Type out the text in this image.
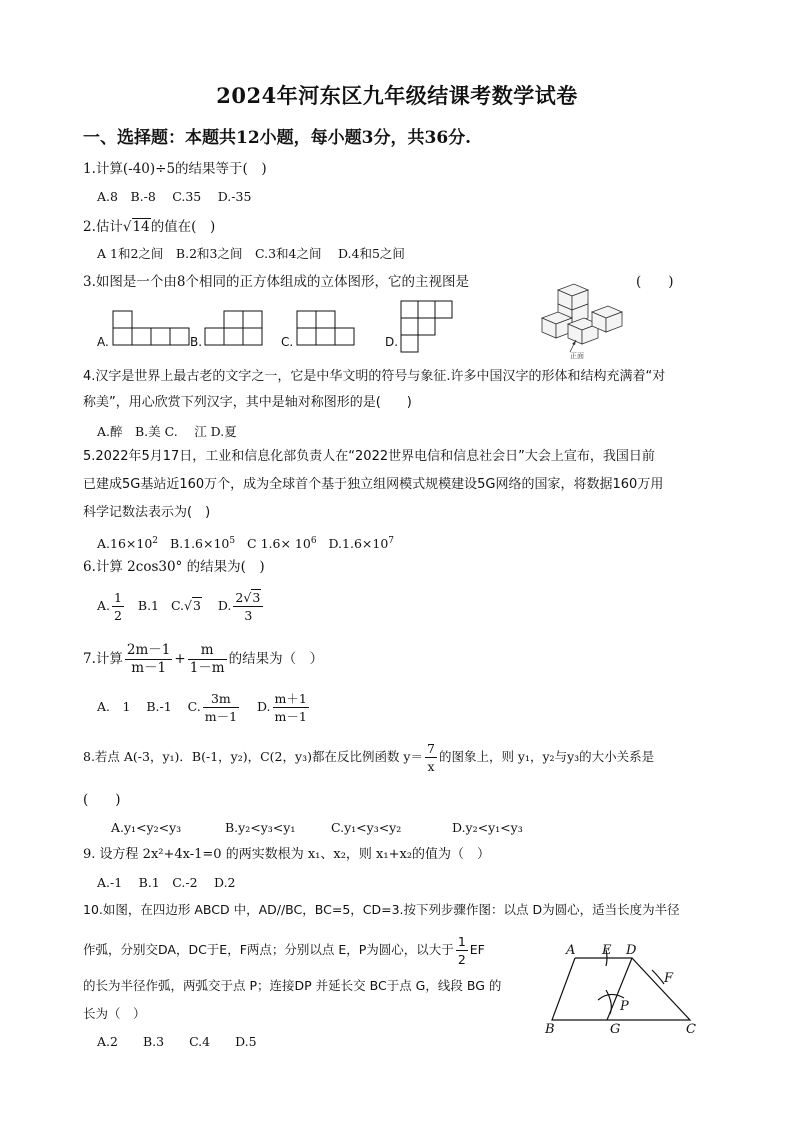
2024年河东区九年级结课考数学试卷
一、选择题：本题共12小题，每小题3分，共36分.
1.计算(-40)÷5的结果等于(　)
A.8　B.-8　 C.35　 D.-35
2.估计√14的值在(　)
A 1和2之间　B.2和3之间　C.3和4之间　 D.4和5之间
3.如图是一个由8个相同的正方体组成的立体图形，它的主视图是	(　　)
A.	B.	C.	D.
正面
4.汉字是世界上最古老的文字之一，它是中华文明的符号与象征.许多中国汉字的形体和结构充满着“对
称美”，用心欣赏下列汉字，其中是轴对称图形的是(　　)
A.醉　B.美 C.　 江 D.夏
5.2022年5月17日，工业和信息化部负责人在“2022世界电信和信息社会日”大会上宣布，我国日前
已建成5G基站近160万个，成为全球首个基于独立组网模式规模建设5G网络的国家，将数据160万用
科学记数法表示为(　)
$A.16\times 10^2$ $B.1.6\times 10^5$ C $1.6\times 10^6$ $D.1.6\times 10^7$
6.计算 2cos30° 的结果为(　)
A. $\frac{1}{2} B.1$ C.√3 D. $\frac{2√3}{3}$
7.计算 $\frac{2m-1}{m-1} + \frac{m}{1-m}$ 的结果为（　）
A.　1 B.-1 C. $\frac{3m}{m-1} D$. $\frac{m+1}{m-1}$
8.若点 A(-3，y₁)．B(-1，y₂)，C(2，y₃)都在反比例函数 $y= \frac{7}{x}$ 的图象上，则 y₁，y₂与y₃的大小关系是
(　　)
A.y₁<y₂<y₃	B.y₂<y₃<y₁	C.y₁<y₃<y₂	D.y₂<y₁<y₃
9. 设方程 2x²+4x-1=0 的两实数根为 x₁、x₂，则 x₁+x₂的值为（　）
A.-1　 B.1　C.-2　 D.2
10.如图，在四边形 ABCD 中，AD//BC，BC=5，CD=3.按下列步骤作图：以点 D为圆心，适当长度为半径
作弧，分别交DA，DC于E，F两点；分别以点 E，P为圆心，以大于 $\frac{1}{2}$ EF
的长为半径作弧，两弧交于点 P；连接DP 并延长交 BC于点 G，线段 BG 的
长为（　）
A.2　　B.3　　C.4　　D.5
A E D
F
P
B	G	C
